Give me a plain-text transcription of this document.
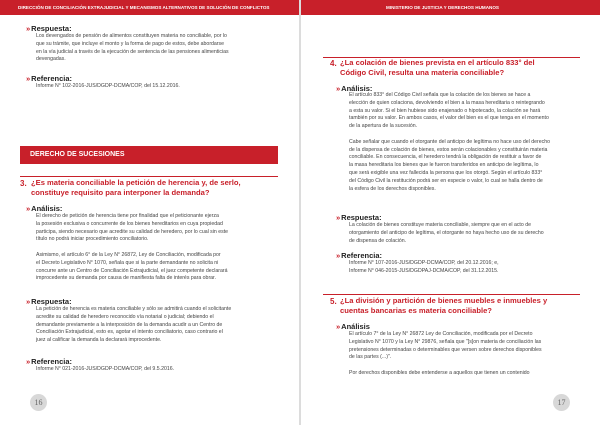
DIRECCIÓN DE CONCILIACIÓN EXTRAJUDICIAL Y MECANISMOS ALTERNATIVOS DE SOLUCIÓN DE CONFLICTOS
» Respuesta:
Los devengados de pensión de alimentos constituyen materia no conciliable, por lo
que su trámite, que incluye el monto y la forma de pago de estos, debe abordarse
en la vía judicial a través de la ejecución de sentencia de las pensiones alimenticias
devengadas.
» Referencia:
Informe N° 102-2016-JUS/DGDP-DCMA/COP, del 15.12.2016.
DERECHO DE SUCESIONES
3. ¿Es materia conciliable la petición de herencia y, de serlo,
constituye requisito para interponer la demanda?
» Análisis:
El derecho de petición de herencia tiene por finalidad que el peticionante ejerza
la posesión exclusiva o concurrente de los bienes hereditarios en cuya propiedad
participa, siendo necesario que acredite su calidad de heredero, por lo cual sin este
título no podrá iniciar procedimiento conciliatorio.
Asimismo, el artículo 6° de la Ley N° 26872, Ley de Conciliación, modificada por
el Decreto Legislativo N° 1070, señala que si la parte demandante no solicita ni
concurre ante un Centro de Conciliación Extrajudicial, el juez competente declarará
improcedente su demanda por causa de manifiesta falta de interés para obrar.
» Respuesta:
La petición de herencia es materia conciliable y sólo se admitirá cuando el solicitante
acredite su calidad de heredero reconocido vía notarial o judicial; debiendo el
demandante previamente a la interposición de la demanda acudir a un Centro de
Conciliación Extrajudicial, esto es, agotar el intento conciliatorio, caso contrario el
juez al calificar la demanda la declarará improcedente.
» Referencia:
Informe N° 021-2016-JUS/DGDP-DCMA/COP, del 9.5.2016.
16
MINISTERIO DE JUSTICIA Y DERECHOS HUMANOS
4. ¿La colación de bienes prevista en el artículo 833° del
Código Civil, resulta una materia conciliable?
» Análisis:
El artículo 833° del Código Civil señala que la colación de los bienes se hace a
elección de quien colaciona, devolviendo el bien a la masa hereditaria o reintegrando
a esta su valor. Si el bien hubiese sido enajenado o hipotecado, la colación se hará
también por su valor. En ambos casos, el valor del bien es el que tenga en el momento
de la apertura de la sucesión.
Cabe señalar que cuando el otorgante del anticipo de legítima no hace uso del derecho
de la dispensa de colación de bienes, estos serán colacionables y constituirán materia
conciliable. En consecuencia, el heredero tendrá la obligación de restituir a favor de
la masa hereditaria los bienes que le fueron transferidos en anticipo de legítima, lo
que será exigible una vez fallecida la persona que los otorgó. Según el artículo 833°
del Código Civil la restitución podrá ser en especie o valor, lo cual se halla dentro de
la esfera de los derechos disponibles.
» Respuesta:
La colación de bienes constituye materia conciliable, siempre que en el acto de
otorgamiento del anticipo de legítima, el otorgante no haya hecho uso de su derecho
de dispensa de colación.
» Referencia:
Informe N° 107-2016-JUS/DGDP-DCMA/COP, del 20.12.2016; e,
Informe N° 046-2015-JUS/DGDPAJ-DCMA/COP, del 31.12.2015.
5. ¿La división y partición de bienes muebles e inmuebles y
cuentas bancarias es materia conciliable?
» Análisis
El artículo 7° de la Ley N° 26872 Ley de Conciliación, modificada por el Decreto
Legislativo N° 1070 y la Ley N° 29876, señala que "[s]on materia de conciliación las
pretensiones determinadas o determinables que versen sobre derechos disponibles
de las partes (...)".
Por derechos disponibles debe entenderse a aquellos que tienen un contenido
17
